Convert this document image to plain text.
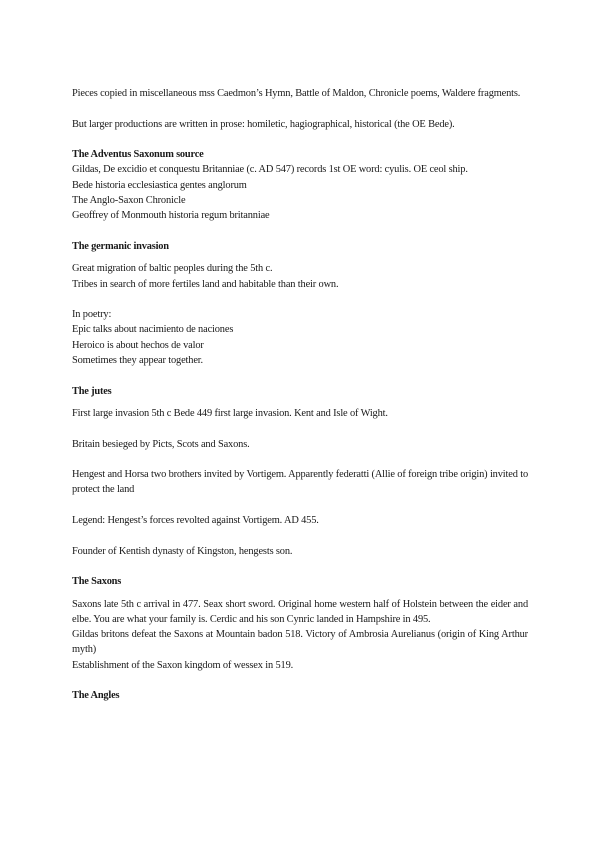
Pieces copied in miscellaneous mss Caedmon’s Hymn, Battle of Maldon, Chronicle poems, Waldere fragments.

But larger productions are written in prose: homiletic, hagiographical, historical (the OE Bede).

The Adventus Saxonum source
Gildas, De excidio et conquestu Britanniae (c. AD 547) records 1st OE word: cyulis. OE ceol ship.
Bede historia ecclesiastica gentes anglorum
The Anglo-Saxon Chronicle
Geoffrey of Monmouth historia regum britanniae
The germanic invasion
Great migration of baltic peoples during the 5th c.
Tribes in search of more fertiles land and habitable than their own.
In poetry:
Epic talks about nacimiento de naciones
Heroico is about hechos de valor
Sometimes they appear together.
The jutes

First large invasion 5th c Bede 449 first large invasion. Kent and Isle of Wight.

Britain besieged by Picts, Scots and Saxons.

Hengest and Horsa two brothers invited by Vortigem. Apparently federatti (Allie of foreign tribe origin) invited to protect the land

Legend: Hengest’s forces revolted against Vortigem. AD 455.

Founder of Kentish dynasty of Kingston, hengests son.

The Saxons

Saxons late 5th c arrival in 477. Seax short sword. Original home western half of Holstein between the eider and elbe. You are what your family is. Cerdic and his son Cynric landed in Hampshire in 495.

Gildas britons defeat the Saxons at Mountain badon 518. Victory of Ambrosia Aurelianus (origin of King Arthur myth)

Establishment of the Saxon kingdom of wessex in 519.

The Angles
